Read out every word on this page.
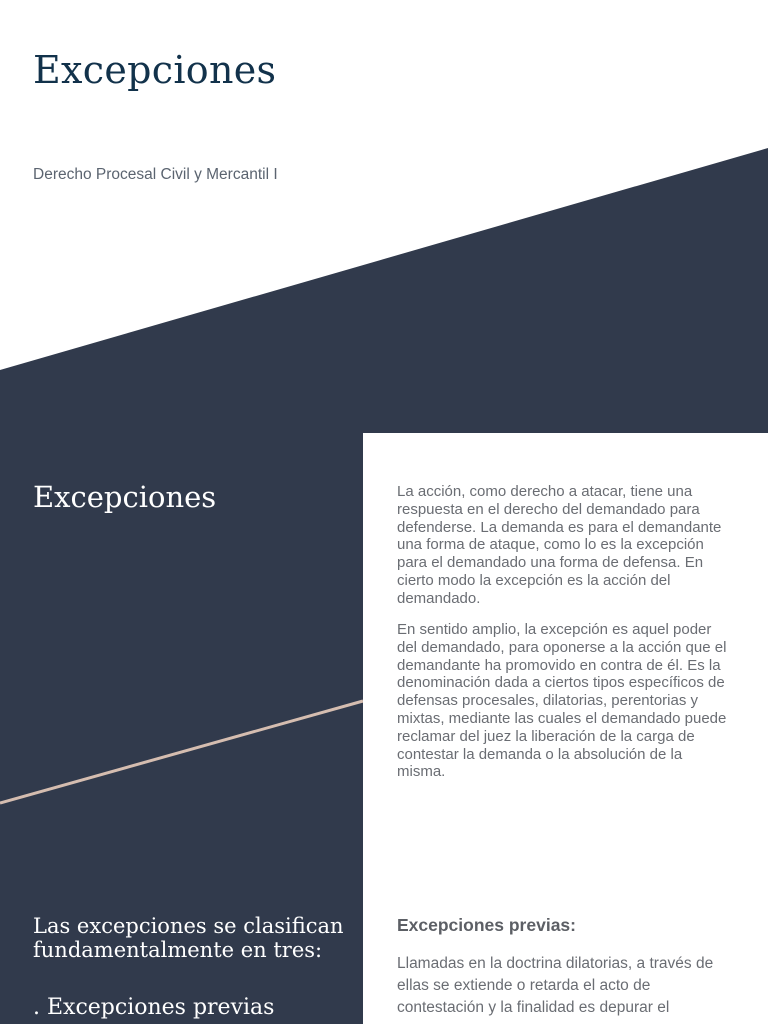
Excepciones

Derecho Procesal Civil y Mercantil I

Excepciones	La acción, como derecho a atacar, tiene una respuesta en el derecho del demandado para defenderse. La demanda es para el demandante una forma de ataque, como lo es la excepción para el demandado una forma de defensa. En cierto modo la excepción es la acción del demandado.

En sentido amplio, la excepción es aquel poder del demandado, para oponerse a la acción que el demandante ha promovido en contra de él. Es la denominación dada a ciertos tipos específicos de defensas procesales, dilatorias, perentorias y mixtas, mediante las cuales el demandado puede reclamar del juez la liberación de la carga de contestar la demanda o la absolución de la misma.

Las excepciones se clasifican fundamentalmente en tres:

. Excepciones previas

Excepciones previas:

Llamadas en la doctrina dilatorias, a través de ellas se extiende o retarda el acto de contestación y la finalidad es depurar el
